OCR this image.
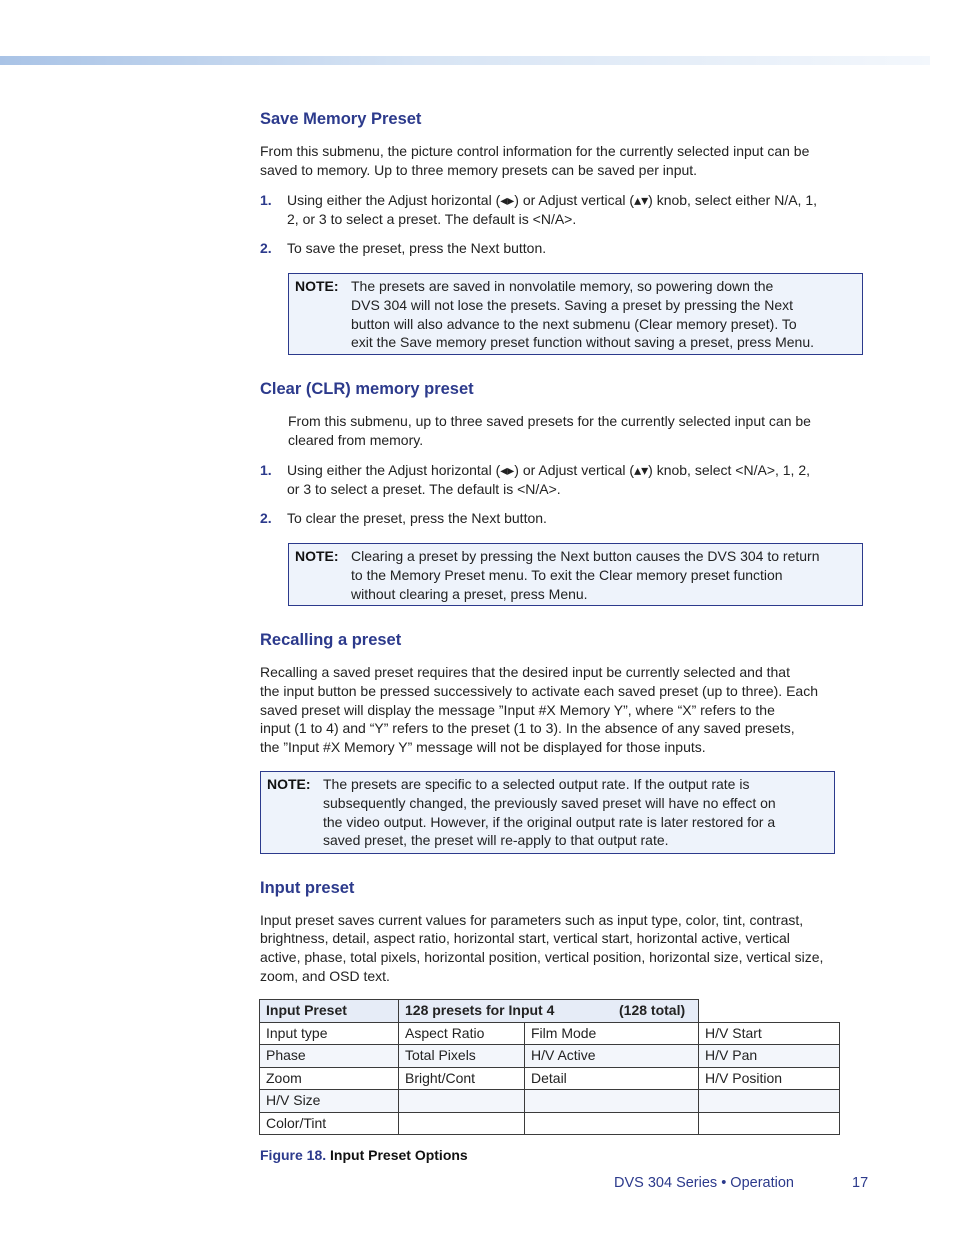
Save Memory Preset

From this submenu, the picture control information for the currently selected input can be

saved to memory. Up to three memory presets can be saved per input.

1. Using either the Adjust horizontal (◂▸) or Adjust vertical (▴▾) knob, select either N/A, 1,
2, or 3 to select a preset. The default is <N/A>.
2. To save the preset, press the Next button.
NOTE: The presets are saved in nonvolatile memory, so powering down the
DVS 304 will not lose the presets. Saving a preset by pressing the Next
button will also advance to the next submenu (Clear memory preset). To
exit the Save memory preset function without saving a preset, press Menu.
Clear (CLR) memory preset

From this submenu, up to three saved presets for the currently selected input can be

cleared from memory.

1. Using either the Adjust horizontal (◂▸) or Adjust vertical (▴▾) knob, select <N/A>, 1, 2,
or 3 to select a preset. The default is <N/A>.
2. To clear the preset, press the Next button.
NOTE: Clearing a preset by pressing the Next button causes the DVS 304 to return
to the Memory Preset menu. To exit the Clear memory preset function
without clearing a preset, press Menu.
Recalling a preset

Recalling a saved preset requires that the desired input be currently selected and that

the input button be pressed successively to activate each saved preset (up to three). Each

saved preset will display the message ”Input #X Memory Y”, where “X” refers to the

input (1 to 4) and “Y” refers to the preset (1 to 3). In the absence of any saved presets,

the ”Input #X Memory Y” message will not be displayed for those inputs.

NOTE: The presets are specific to a selected output rate. If the output rate is
subsequently changed, the previously saved preset will have no effect on
the video output. However, if the original output rate is later restored for a
saved preset, the preset will re-apply to that output rate.
Input preset

Input preset saves current values for parameters such as input type, color, tint, contrast,

brightness, detail, aspect ratio, horizontal start, vertical start, horizontal active, vertical

active, phase, total pixels, horizontal position, vertical position, horizontal size, vertical size,

zoom, and OSD text.

Input Preset	128 presets for Input 4 (128 total)		

Input type	Aspect Ratio	Film Mode	H/V Start
Phase	Total Pixels	H/V Active	H/V Pan
Zoom	Bright/Cont	Detail	H/V Position
H/V Size			
Color/Tint			
Figure 18. Input Preset Options
DVS 304 Series • Operation	17
